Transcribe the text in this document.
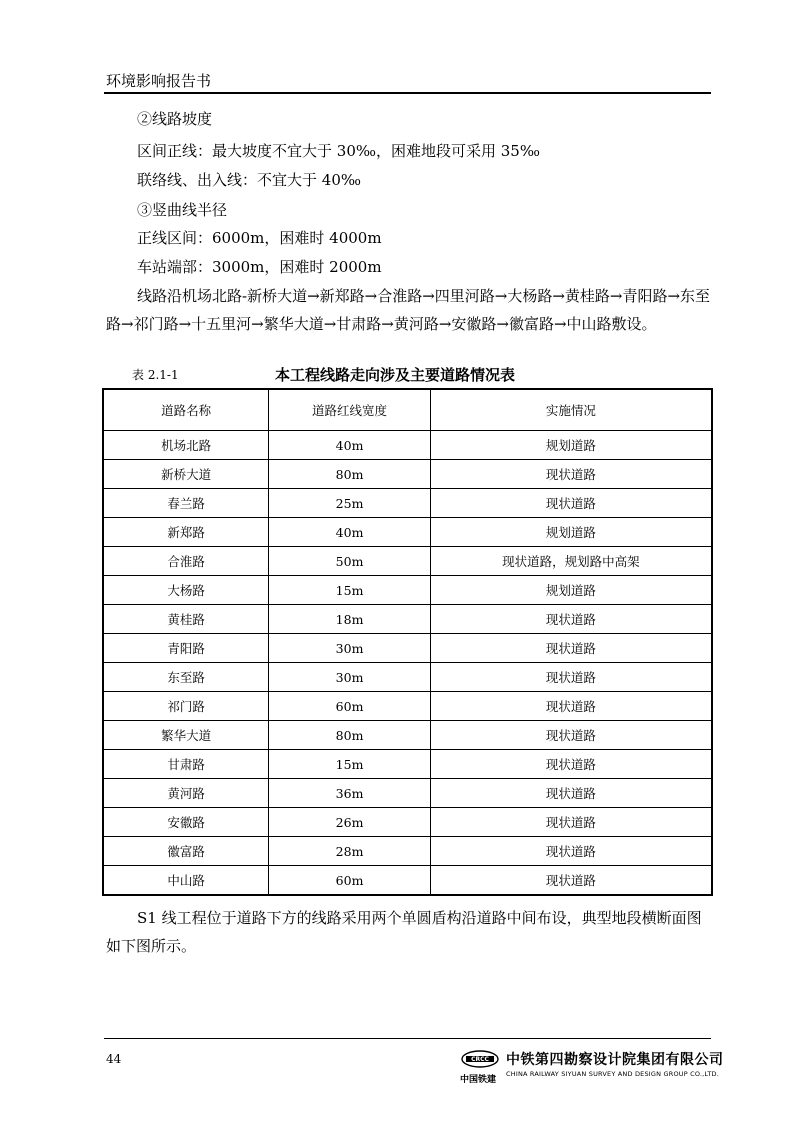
环境影响报告书
②线路坡度
区间正线：最大坡度不宜大于 30‰，困难地段可采用 35‰
联络线、出入线：不宜大于 40‰
③竖曲线半径
正线区间：6000m，困难时 4000m
车站端部：3000m，困难时 2000m
线路沿机场北路-新桥大道→新郑路→合淮路→四里河路→大杨路→黄桂路→青阳路→东至路→祁门路→十五里河→繁华大道→甘肃路→黄河路→安徽路→徽富路→中山路敷设。
表 2.1-1	本工程线路走向涉及主要道路情况表
道路名称	道路红线宽度	实施情况
机场北路	40m	规划道路
新桥大道	80m	现状道路
春兰路	25m	现状道路
新郑路	40m	规划道路
合淮路	50m	现状道路，规划路中高架
大杨路	15m	规划道路
黄桂路	18m	现状道路
青阳路	30m	现状道路
东至路	30m	现状道路
祁门路	60m	现状道路
繁华大道	80m	现状道路
甘肃路	15m	现状道路
黄河路	36m	现状道路
安徽路	26m	现状道路
徽富路	28m	现状道路
中山路	60m	现状道路
S1 线工程位于道路下方的线路采用两个单圆盾构沿道路中间布设，典型地段横断面图如下图所示。
44	CRCC
中国铁建
中铁第四勘察设计院集团有限公司
CHINA RAILWAY SIYUAN SURVEY AND DESIGN GROUP CO.,LTD.
